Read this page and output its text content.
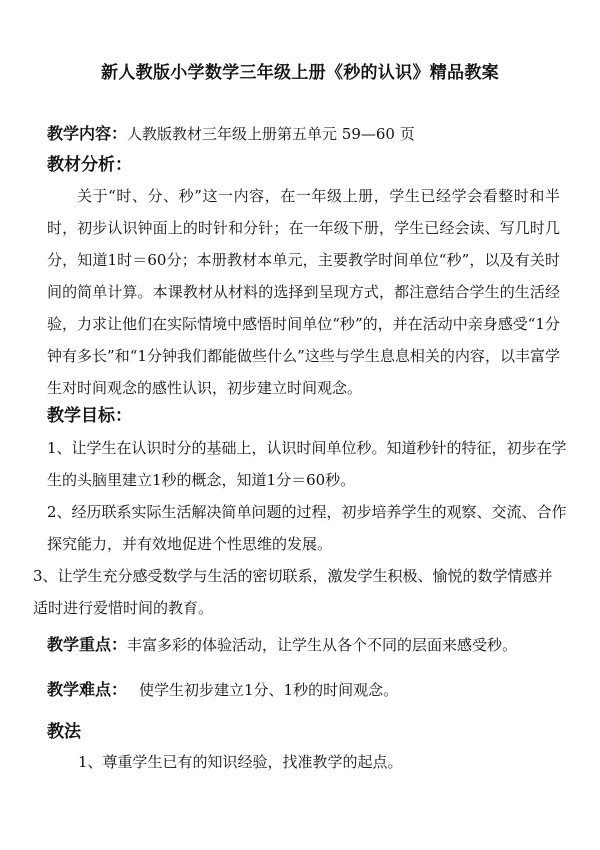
新人教版小学数学三年级上册《秒的认识》精品教案
教学内容：人教版教材三年级上册第五单元 59—60 页
教材分析：
关于“时、分、秒”这一内容，在一年级上册，学生已经学会看整时和半时，初步认识钟面上的时针和分针；在一年级下册，学生已经会读、写几时几分，知道1时＝60分；本册教材本单元，主要教学时间单位“秒”，以及有关时间的简单计算。本课教材从材料的选择到呈现方式，都注意结合学生的生活经验，力求让他们在实际情境中感悟时间单位“秒”的，并在活动中亲身感受“1分钟有多长”和“1分钟我们都能做些什么”这些与学生息息相关的内容，以丰富学生对时间观念的感性认识，初步建立时间观念。
教学目标：
1、让学生在认识时分的基础上，认识时间单位秒。知道秒针的特征，初步在学生的头脑里建立1秒的概念，知道1分＝60秒。
2、经历联系实际生活解决简单问题的过程，初步培养学生的观察、交流、合作探究能力，并有效地促进个性思维的发展。
3、让学生充分感受数学与生活的密切联系，激发学生积极、愉悦的数学情感并适时进行爱惜时间的教育。
教学重点：丰富多彩的体验活动，让学生从各个不同的层面来感受秒。
教学难点： 使学生初步建立1分、1秒的时间观念。
教法
1、尊重学生已有的知识经验，找准教学的起点。
